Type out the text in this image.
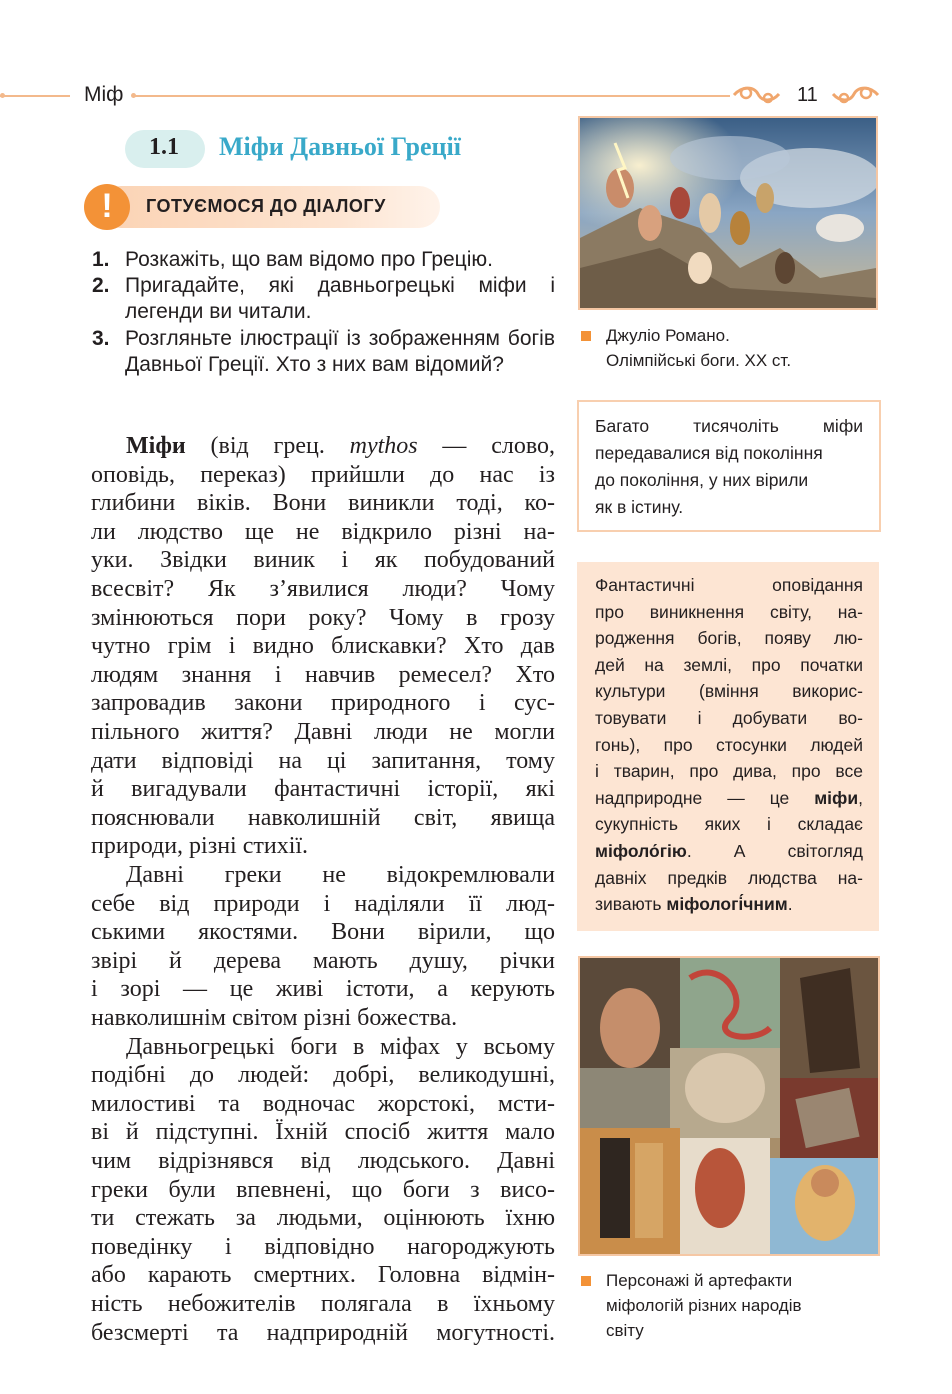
Міф	11
1.1 Міфи Давньої Греції
!	ГОТУЄМОСЯ ДО ДІАЛОГУ
1. Розкажіть, що вам відомо про Грецію.
2. Пригадайте, які давньогрецькі міфи і легенди ви читали.
3. Розгляньте ілюстрації із зображенням богів Давньої Греції. Хто з них вам відомий?
Міфи (від грец. mythos — слово,
оповідь, переказ) прийшли до нас із
глибини віків. Вони виникли тоді, ко-
ли людство ще не відкрило різні на-
уки. Звідки виник і як побудований
всесвіт? Як з’явилися люди? Чому
змінюються пори року? Чому в грозу
чутно грім і видно блискавки? Хто дав
людям знання і навчив ремесел? Хто
запровадив закони природного і сус-
пільного життя? Давні люди не могли
дати відповіді на ці запитання, тому
й вигадували фантастичні історії, які
пояснювали навколишній світ, явища
природи, різні стихії.
Давні греки не відокремлювали
себе від природи і наділяли її люд-
ськими якостями. Вони вірили, що
звірі й дерева мають душу, річки
і зорі — це живі істоти, а керують
навколишнім світом різні божества.
Давньогрецькі боги в міфах у всьому
подібні до людей: добрі, великодушні,
милостиві та водночас жорстокі, мсти-
ві й підступні. Їхній спосіб життя мало
чим відрізнявся від людського. Давні
греки були впевнені, що боги з висо-
ти стежать за людьми, оцінюють їхню
поведінку і відповідно нагороджують
або карають смертних. Головна відмін-
ність небожителів полягала в їхньому
безсмерті та надприродній могутності.
Джуліо Романо.
Олімпійські боги. XX ст.
Багато тисячоліть міфи
передавалися від покоління
до покоління, у них вірили
як в істину.
Фантастичні оповідання
про виникнення світу, на-
родження богів, появу лю-
дей на землі, про початки
культури (вміння викорис-
товувати і добувати во-
гонь), про стосунки людей
і тварин, про дива, про все
надприродне — це міфи,
сукупність яких і складає
міфоло́гію. А світогляд
давніх предків людства на-
зивають міфологі́чним.
Персонажі й артефакти
міфологій різних народів
світу
